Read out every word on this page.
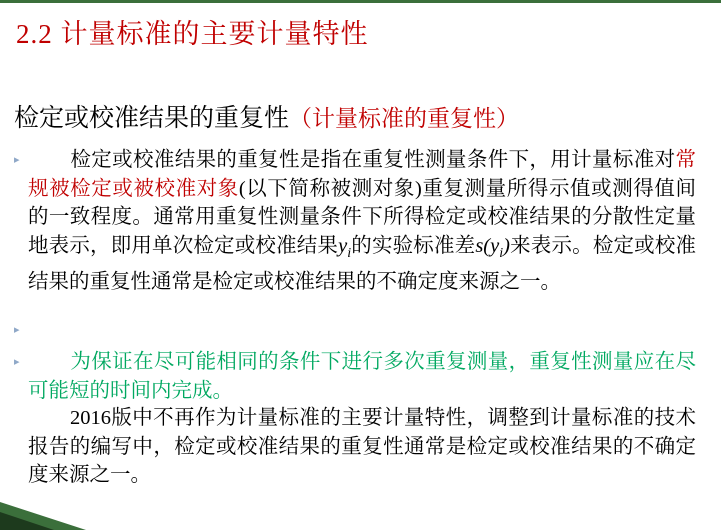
2.2 计量标准的主要计量特性
检定或校准结果的重复性（计量标准的重复性）
▸
▸
▸
检定或校准结果的重复性是指在重复性测量条件下，用计量标准对常规被检定或被校准对象(以下简称被测对象)重复测量所得示值或测得值间的一致程度。通常用重复性测量条件下所得检定或校准结果的分散性定量地表示，即用单次检定或校准结果$y_i$的实验标准差$s(y_i)$来表示。检定或校准结果的重复性通常是检定或校准结果的不确定度来源之一。
为保证在尽可能相同的条件下进行多次重复测量，重复性测量应在尽可能短的时间内完成。
2016版中不再作为计量标准的主要计量特性，调整到计量标准的技术报告的编写中，检定或校准结果的重复性通常是检定或校准结果的不确定度来源之一。
